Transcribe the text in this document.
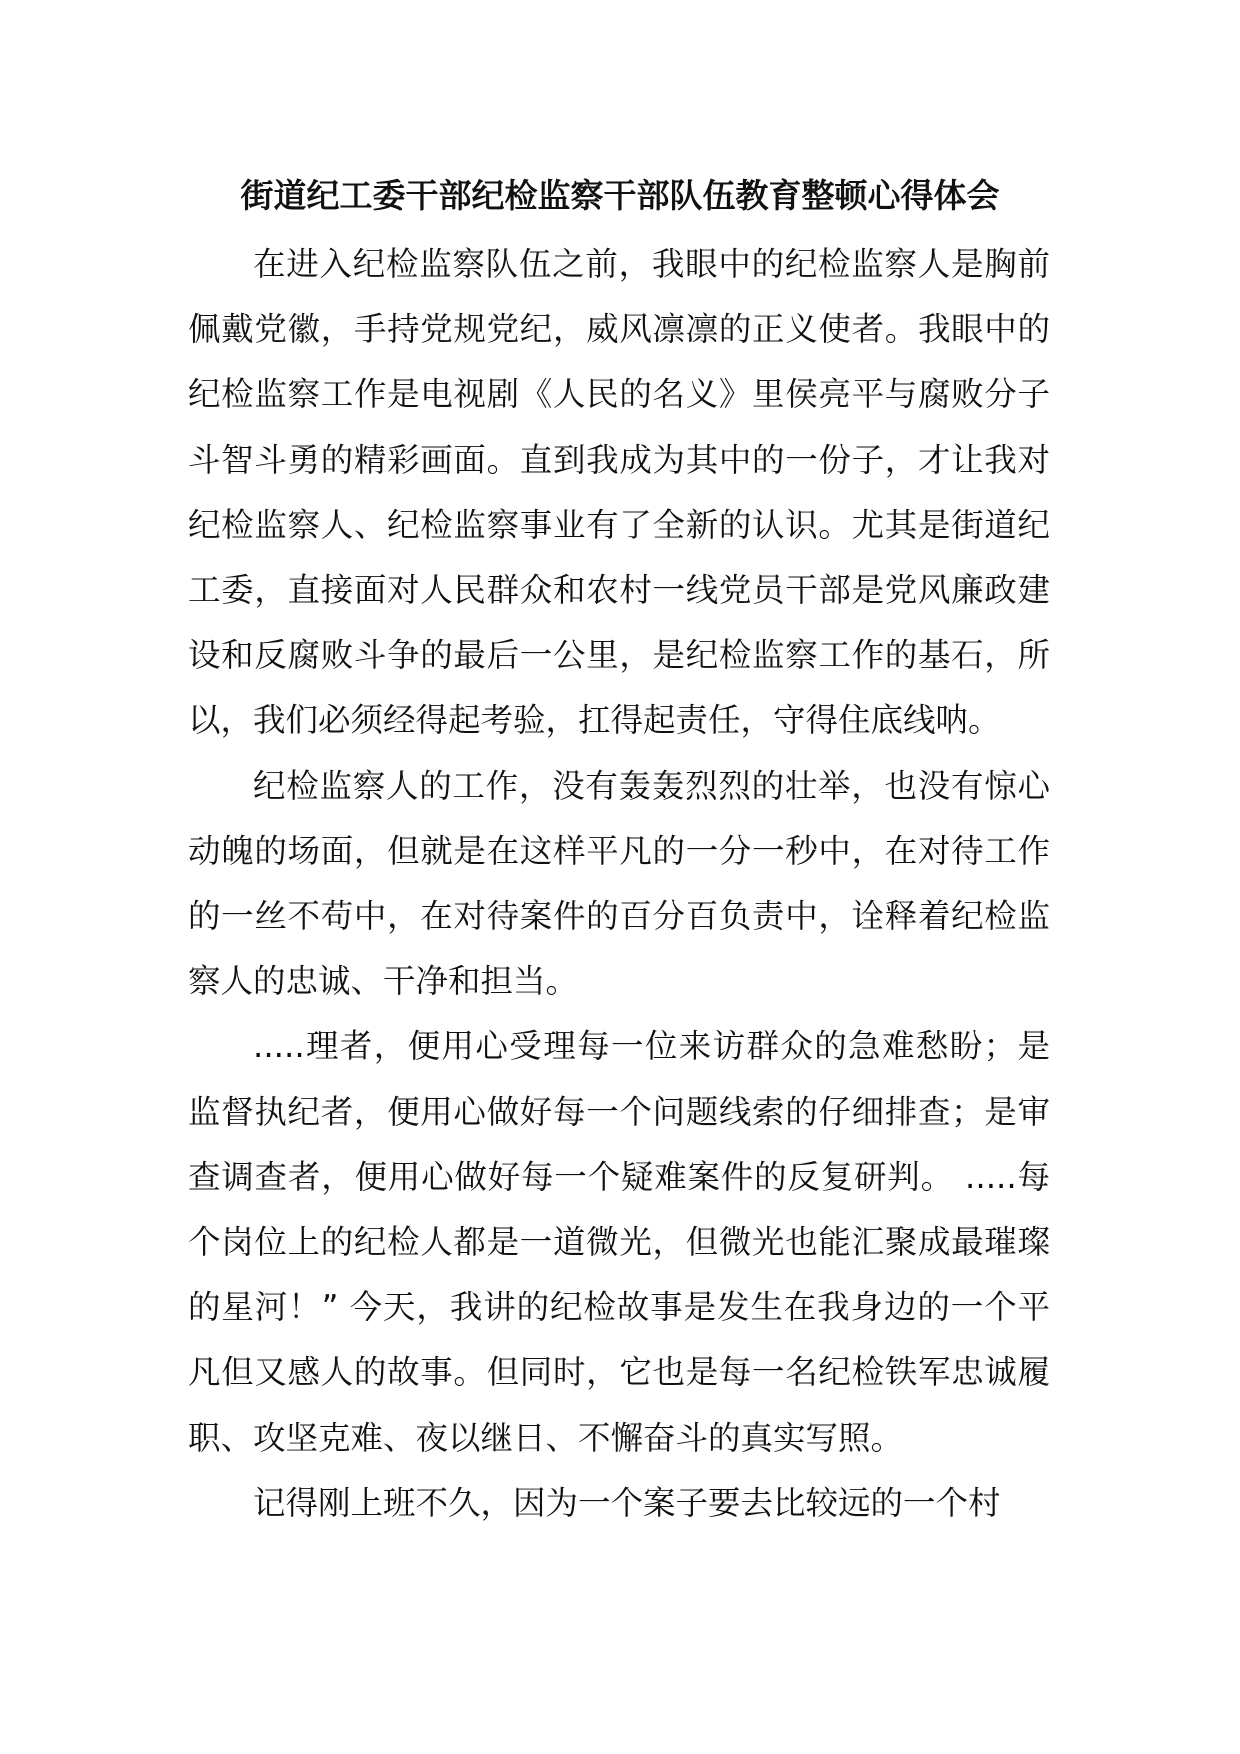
街道纪工委干部纪检监察干部队伍教育整顿心得体会

在进入纪检监察队伍之前，我眼中的纪检监察人是胸前佩戴党徽，手持党规党纪，威风凛凛的正义使者。我眼中的纪检监察工作是电视剧《人民的名义》里侯亮平与腐败分子斗智斗勇的精彩画面。直到我成为其中的一份子，才让我对纪检监察人、纪检监察事业有了全新的认识。尤其是街道纪工委，直接面对人民群众和农村一线党员干部是党风廉政建设和反腐败斗争的最后一公里，是纪检监察工作的基石，所以，我们必须经得起考验，扛得起责任，守得住底线呐。

纪检监察人的工作，没有轰轰烈烈的壮举，也没有惊心动魄的场面，但就是在这样平凡的一分一秒中，在对待工作的一丝不苟中，在对待案件的百分百负责中，诠释着纪检监察人的忠诚、干净和担当。

.....理者，便用心受理每一位来访群众的急难愁盼；是监督执纪者，便用心做好每一个问题线索的仔细排查；是审查调查者，便用心做好每一个疑难案件的反复研判。 .....每个岗位上的纪检人都是一道微光，但微光也能汇聚成最璀璨的星河！” 今天，我讲的纪检故事是发生在我身边的一个平凡但又感人的故事。但同时，它也是每一名纪检铁军忠诚履职、攻坚克难、夜以继日、不懈奋斗的真实写照。

记得刚上班不久，因为一个案子要去比较远的一个村
